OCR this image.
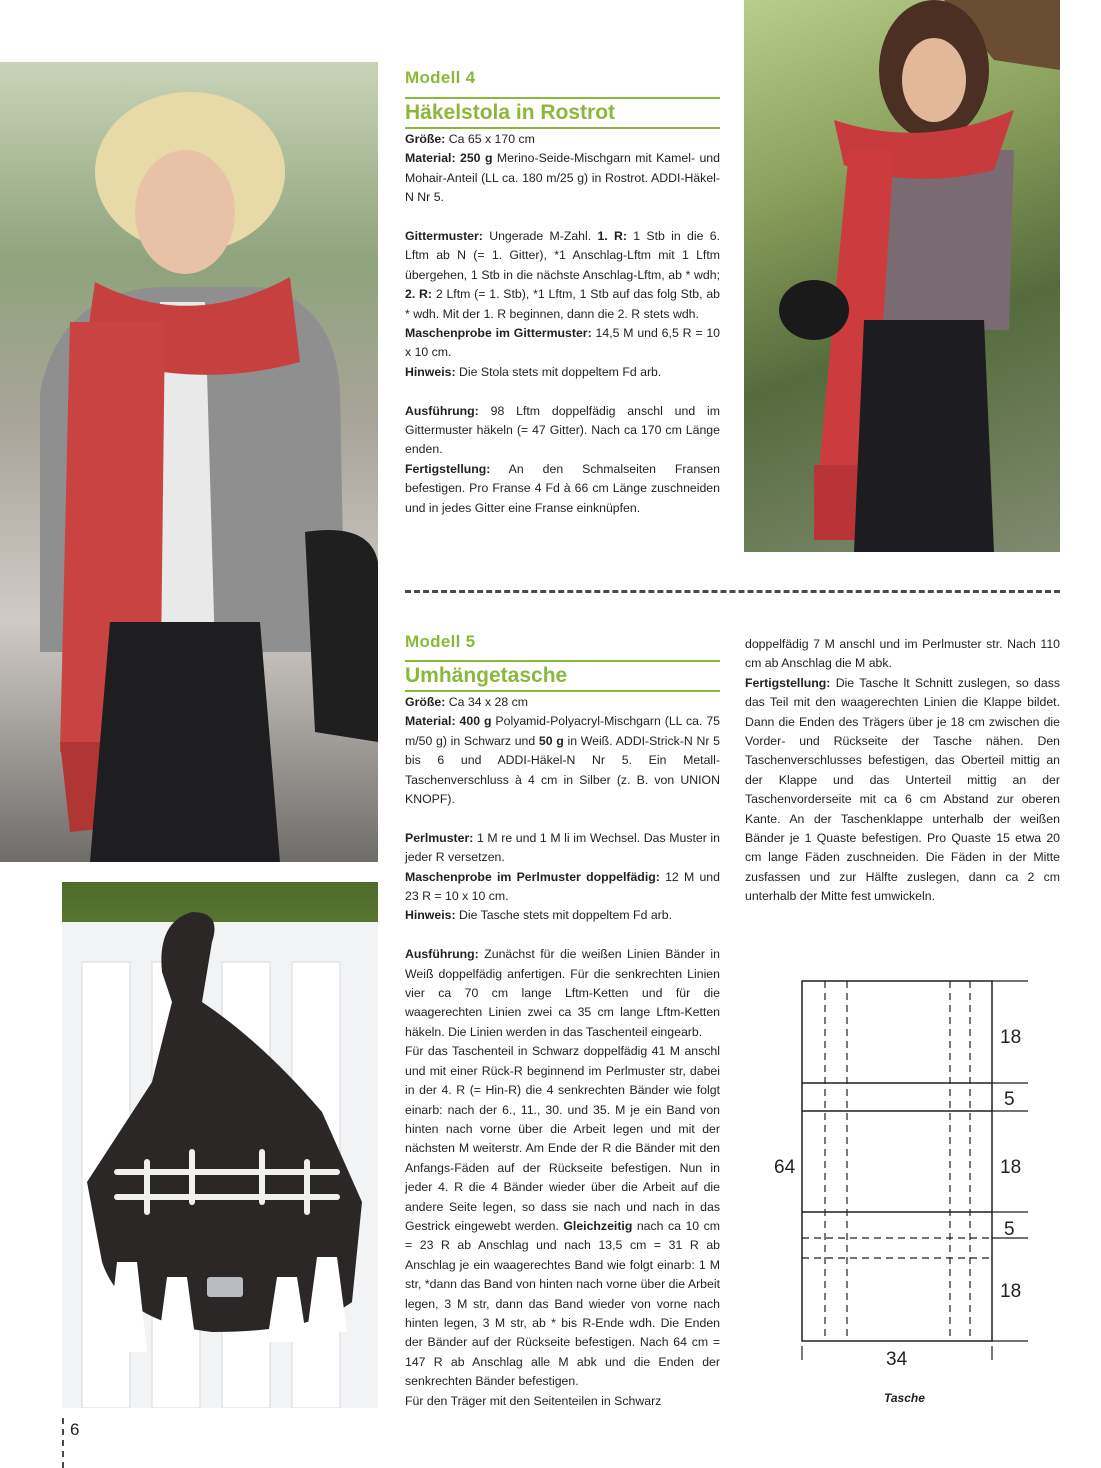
Modell 4
Häkelstola in Rostrot

Größe: Ca 65 x 170 cm

Material: 250 g Merino-Seide-Mischgarn mit Kamel- und Mohair-Anteil (LL ca. 180 m/25 g) in Rostrot. ADDI-Häkel-N Nr 5.

Gittermuster: Ungerade M-Zahl. 1. R: 1 Stb in die 6. Lftm ab N (= 1. Gitter), *1 Anschlag-Lftm mit 1 Lftm übergehen, 1 Stb in die nächste Anschlag-Lftm, ab * wdh; 2. R: 2 Lftm (= 1. Stb), *1 Lftm, 1 Stb auf das folg Stb, ab * wdh. Mit der 1. R beginnen, dann die 2. R stets wdh.

Maschenprobe im Gittermuster: 14,5 M und 6,5 R = 10 x 10 cm.

Hinweis: Die Stola stets mit doppeltem Fd arb.

Ausführung: 98 Lftm doppelfädig anschl und im Gittermuster häkeln (= 47 Gitter). Nach ca 170 cm Länge enden.

Fertigstellung: An den Schmalseiten Fransen befestigen. Pro Franse 4 Fd à 66 cm Länge zuschneiden und in jedes Gitter eine Franse einknüpfen.

Modell 5
Umhängetasche

Größe: Ca 34 x 28 cm

Material: 400 g Polyamid-Polyacryl-Mischgarn (LL ca. 75 m/50 g) in Schwarz und 50 g in Weiß. ADDI-Strick-N Nr 5 bis 6 und ADDI-Häkel-N Nr 5. Ein Metall-Taschenverschluss à 4 cm in Silber (z. B. von UNION KNOPF).

Perlmuster: 1 M re und 1 M li im Wechsel. Das Muster in jeder R versetzen.

Maschenprobe im Perlmuster doppelfädig: 12 M und 23 R = 10 x 10 cm.

Hinweis: Die Tasche stets mit doppeltem Fd arb.

Ausführung: Zunächst für die weißen Linien Bänder in Weiß doppelfädig anfertigen. Für die senkrechten Linien vier ca 70 cm lange Lftm-Ketten und für die waagerechten Linien zwei ca 35 cm lange Lftm-Ketten häkeln. Die Linien werden in das Taschenteil eingearb.

Für das Taschenteil in Schwarz doppelfädig 41 M anschl und mit einer Rück-R beginnend im Perlmuster str, dabei in der 4. R (= Hin-R) die 4 senkrechten Bänder wie folgt einarb: nach der 6., 11., 30. und 35. M je ein Band von hinten nach vorne über die Arbeit legen und mit der nächsten M weiterstr. Am Ende der R die Bänder mit den Anfangs-Fäden auf der Rückseite befestigen. Nun in jeder 4. R die 4 Bänder wieder über die Arbeit auf die andere Seite legen, so dass sie nach und nach in das Gestrick eingewebt werden. Gleichzeitig nach ca 10 cm = 23 R ab Anschlag und nach 13,5 cm = 31 R ab Anschlag je ein waagerechtes Band wie folgt einarb: 1 M str, *dann das Band von hinten nach vorne über die Arbeit legen, 3 M str, dann das Band wieder von vorne nach hinten legen, 3 M str, ab * bis R-Ende wdh. Die Enden der Bänder auf der Rückseite befestigen. Nach 64 cm = 147 R ab Anschlag alle M abk und die Enden der senkrechten Bänder befestigen.

Für den Träger mit den Seitenteilen in Schwarz

doppelfädig 7 M anschl und im Perlmuster str. Nach 110 cm ab Anschlag die M abk.

Fertigstellung: Die Tasche lt Schnitt zuslegen, so dass das Teil mit den waagerechten Linien die Klappe bildet. Dann die Enden des Trägers über je 18 cm zwischen die Vorder- und Rückseite der Tasche nähen. Den Taschenverschlusses befestigen, das Oberteil mittig an der Klappe und das Unterteil mittig an der Taschenvorderseite mit ca 6 cm Abstand zur oberen Kante. An der Taschenklappe unterhalb der weißen Bänder je 1 Quaste befestigen. Pro Quaste 15 etwa 20 cm lange Fäden zuschneiden. Die Fäden in der Mitte zusfassen und zur Hälfte zuslegen, dann ca 2 cm unterhalb der Mitte fest umwickeln.

18
5
18
5
18
64
34
Tasche
6
